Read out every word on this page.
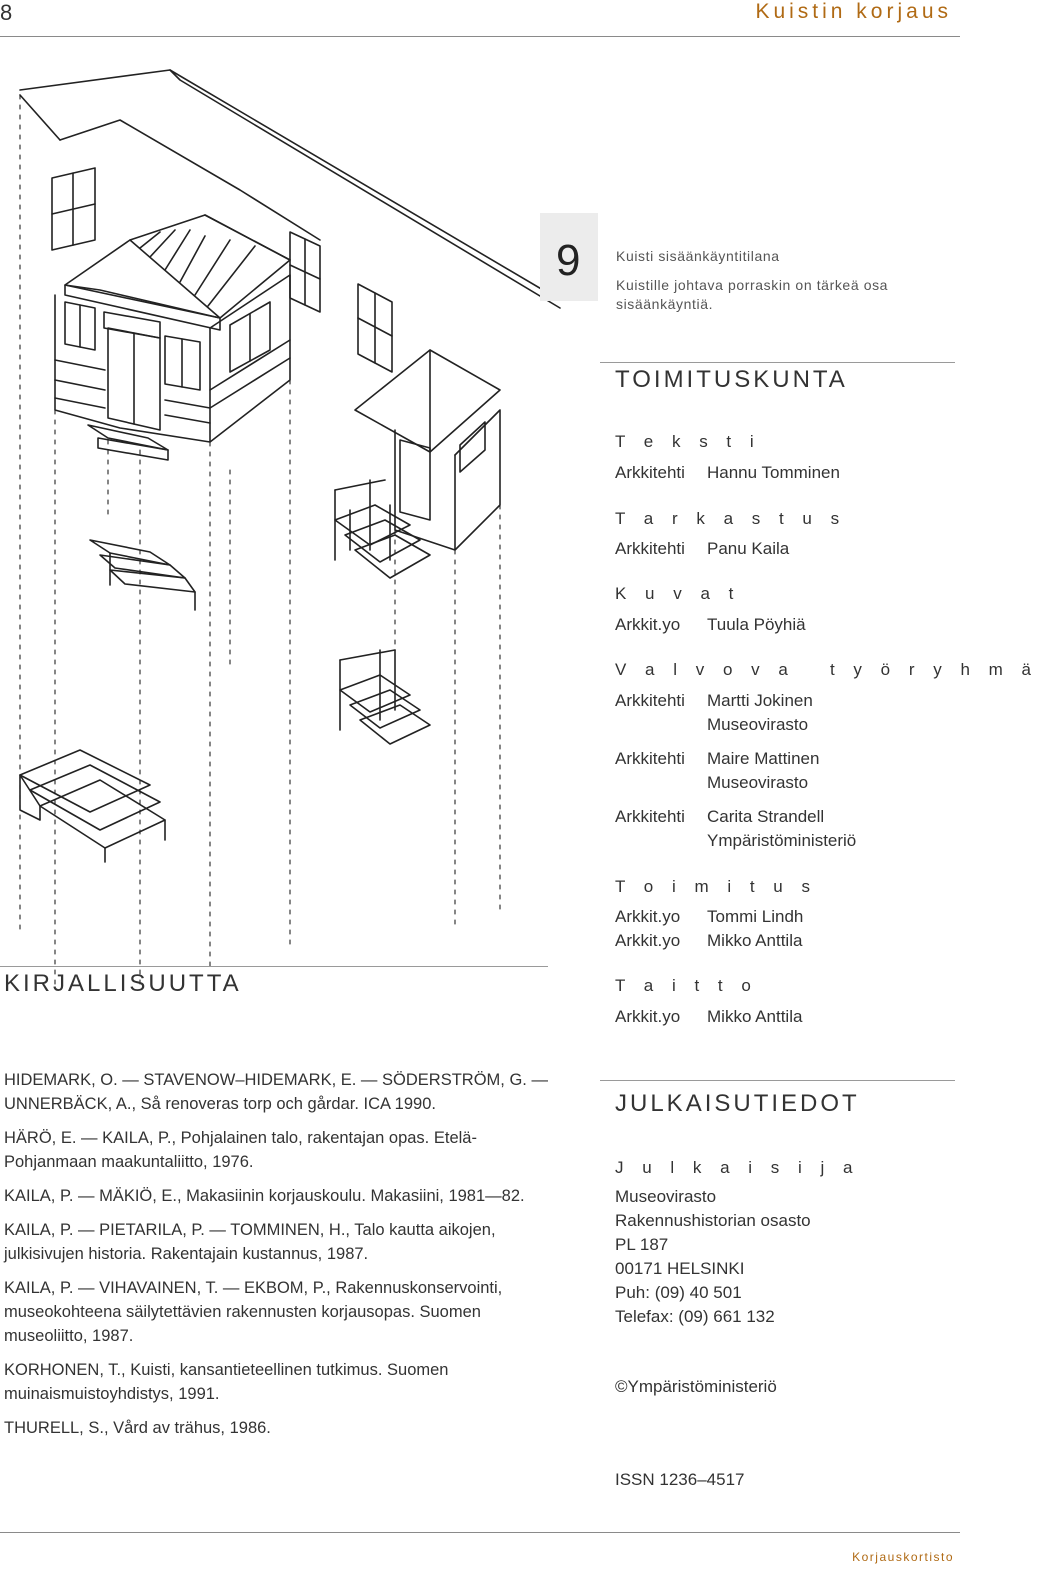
8	Kuistin korjaus
9	Kuisti sisäänkäyntitilana

Kuistille johtava porraskin on tärkeä osa sisäänkäyntiä.

TOIMITUSKUNTA
T e k s t i
Arkkitehti Hannu Tomminen
T a r k a s t u s
Arkkitehti Panu Kaila
K u v a t
Arkkit.yo Tuula Pöyhiä
V a l v o v a   t y ö r y h m ä
Arkkitehti Martti Jokinen
Museovirasto
Arkkitehti Maire Mattinen
Museovirasto
Arkkitehti Carita Strandell
Ympäristöministeriö
T o i m i t u s
Arkkit.yo Tommi Lindh
Arkkit.yo Mikko Anttila
T a i t t o
Arkkit.yo Mikko Anttila
KIRJALLISUUTTA

HIDEMARK, O. — STAVENOW–HIDEMARK, E. — SÖDERSTRÖM, G. — UNNERBÄCK, A., Så renoveras torp och gårdar. ICA 1990.

HÄRÖ, E. — KAILA, P., Pohjalainen talo, rakentajan opas. Etelä-Pohjanmaan maakuntaliitto, 1976.

KAILA, P. — MÄKIÖ, E., Makasiinin korjauskoulu. Makasiini, 1981—82.

KAILA, P. — PIETARILA, P. — TOMMINEN, H., Talo kautta aikojen, julkisivujen historia. Rakentajain kustannus, 1987.

KAILA, P. — VIHAVAINEN, T. — EKBOM, P., Rakennuskonservointi, museokohteena säilytettävien rakennusten korjausopas. Suomen museoliitto, 1987.

KORHONEN, T., Kuisti, kansantieteellinen tutkimus. Suomen muinaismuistoyhdistys, 1991.

THURELL, S., Vård av trähus, 1986.

JULKAISUTIEDOT
J u l k a i s i j a
Museovirasto
Rakennushistorian osasto
PL 187
00171 HELSINKI
Puh: (09) 40 501
Telefax: (09) 661 132
©Ympäristöministeriö
ISSN 1236–4517
Korjauskortisto
